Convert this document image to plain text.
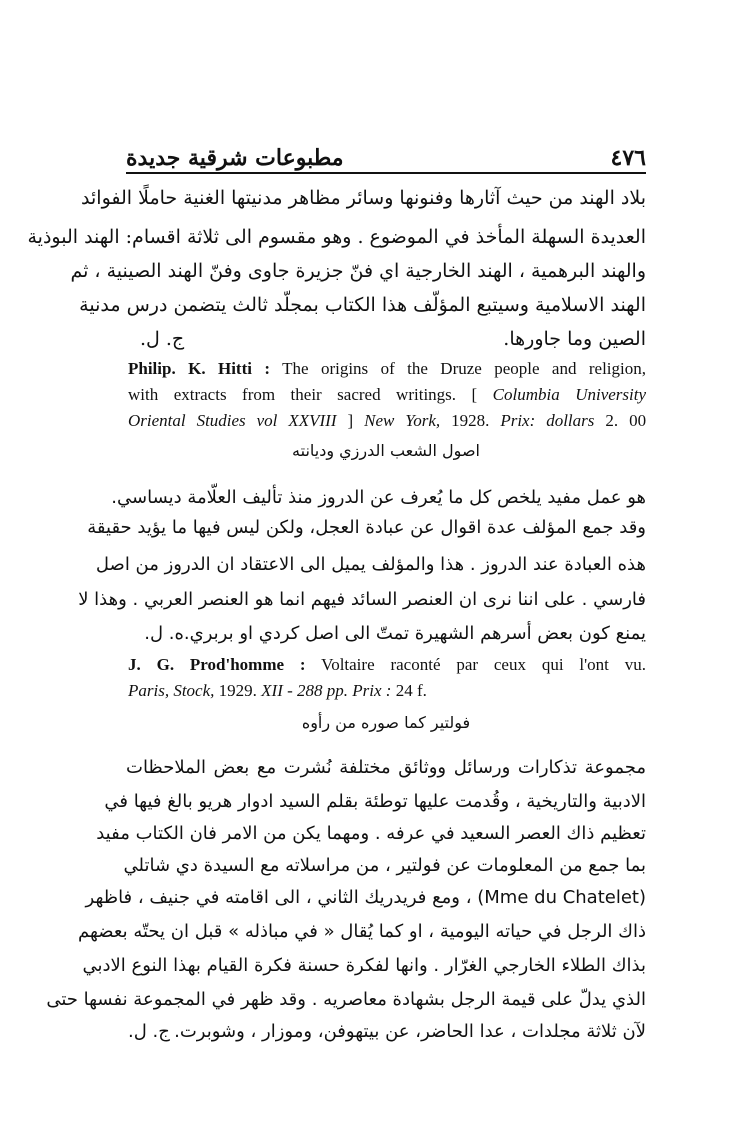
٤٧٦
مطبوعات شرقية جديدة
بلاد الهند من حيث آثارها وفنونها وسائر مظاهر مدنيتها الغنية حاملًا الفوائد
العديدة السهلة المأخذ في الموضوع . وهو مقسوم الى ثلاثة اقسام: الهند البوذية
والهند البرهمية ، الهند الخارجية اي فنّ جزيرة جاوى وفنّ الهند الصينية ، ثم
الهند الاسلامية وسيتبع المؤلّف هذا الكتاب بمجلّد ثالث يتضمن درس مدنية
الصين وما جاورها.
ج. ل.
Philip. K. Hitti : The origins of the Druze people and religion,
with extracts from their sacred writings. [ Columbia University
Oriental Studies vol XXVIII ] New York, 1928. Prix: dollars 2. 00
اصول الشعب الدرزي وديانته
هو عمل مفيد يلخص كل ما يُعرف عن الدروز منذ تأليف العلّامة ديساسي.
وقد جمع المؤلف عدة اقوال عن عبادة العجل، ولكن ليس فيها ما يؤيد حقيقة
هذه العبادة عند الدروز . هذا والمؤلف يميل الى الاعتقاد ان الدروز من اصل
فارسي . على اننا نرى ان العنصر السائد فيهم انما هو العنصر العربي . وهذا لا
يمنع كون بعض أسرهم الشهيرة تمتّ الى اصل كردي او بربري.
ه. ل.
J. G. Prod'homme : Voltaire raconté par ceux qui l'ont vu.
Paris, Stock, 1929. XII - 288 pp. Prix : 24 f.
فولتير كما صوره من رأوه
مجموعة تذكارات ورسائل ووثائق مختلفة نُشرت مع بعض الملاحظات
الادبية والتاريخية ، وقُدمت عليها توطئة بقلم السيد ادوار هريو بالغ فيها في
تعظيم ذاك العصر السعيد في عرفه . ومهما يكن من الامر فان الكتاب مفيد
بما جمع من المعلومات عن فولتير ، من مراسلاته مع السيدة دي شاتلي
(Mme du Chatelet) ، ومع فريدريك الثاني ، الى اقامته في جنيف ، فاظهر
ذاك الرجل في حياته اليومية ، او كما يُقال « في مباذله » قبل ان يحتّه بعضهم
بذاك الطلاء الخارجي الغرّار . وانها لفكرة حسنة فكرة القيام بهذا النوع الادبي
الذي يدلّ على قيمة الرجل بشهادة معاصريه . وقد ظهر في المجموعة نفسها حتى
لآن ثلاثة مجلدات ، عدا الحاضر، عن بيتهوفن، وموزار ، وشوبرت.
ج. ل.
